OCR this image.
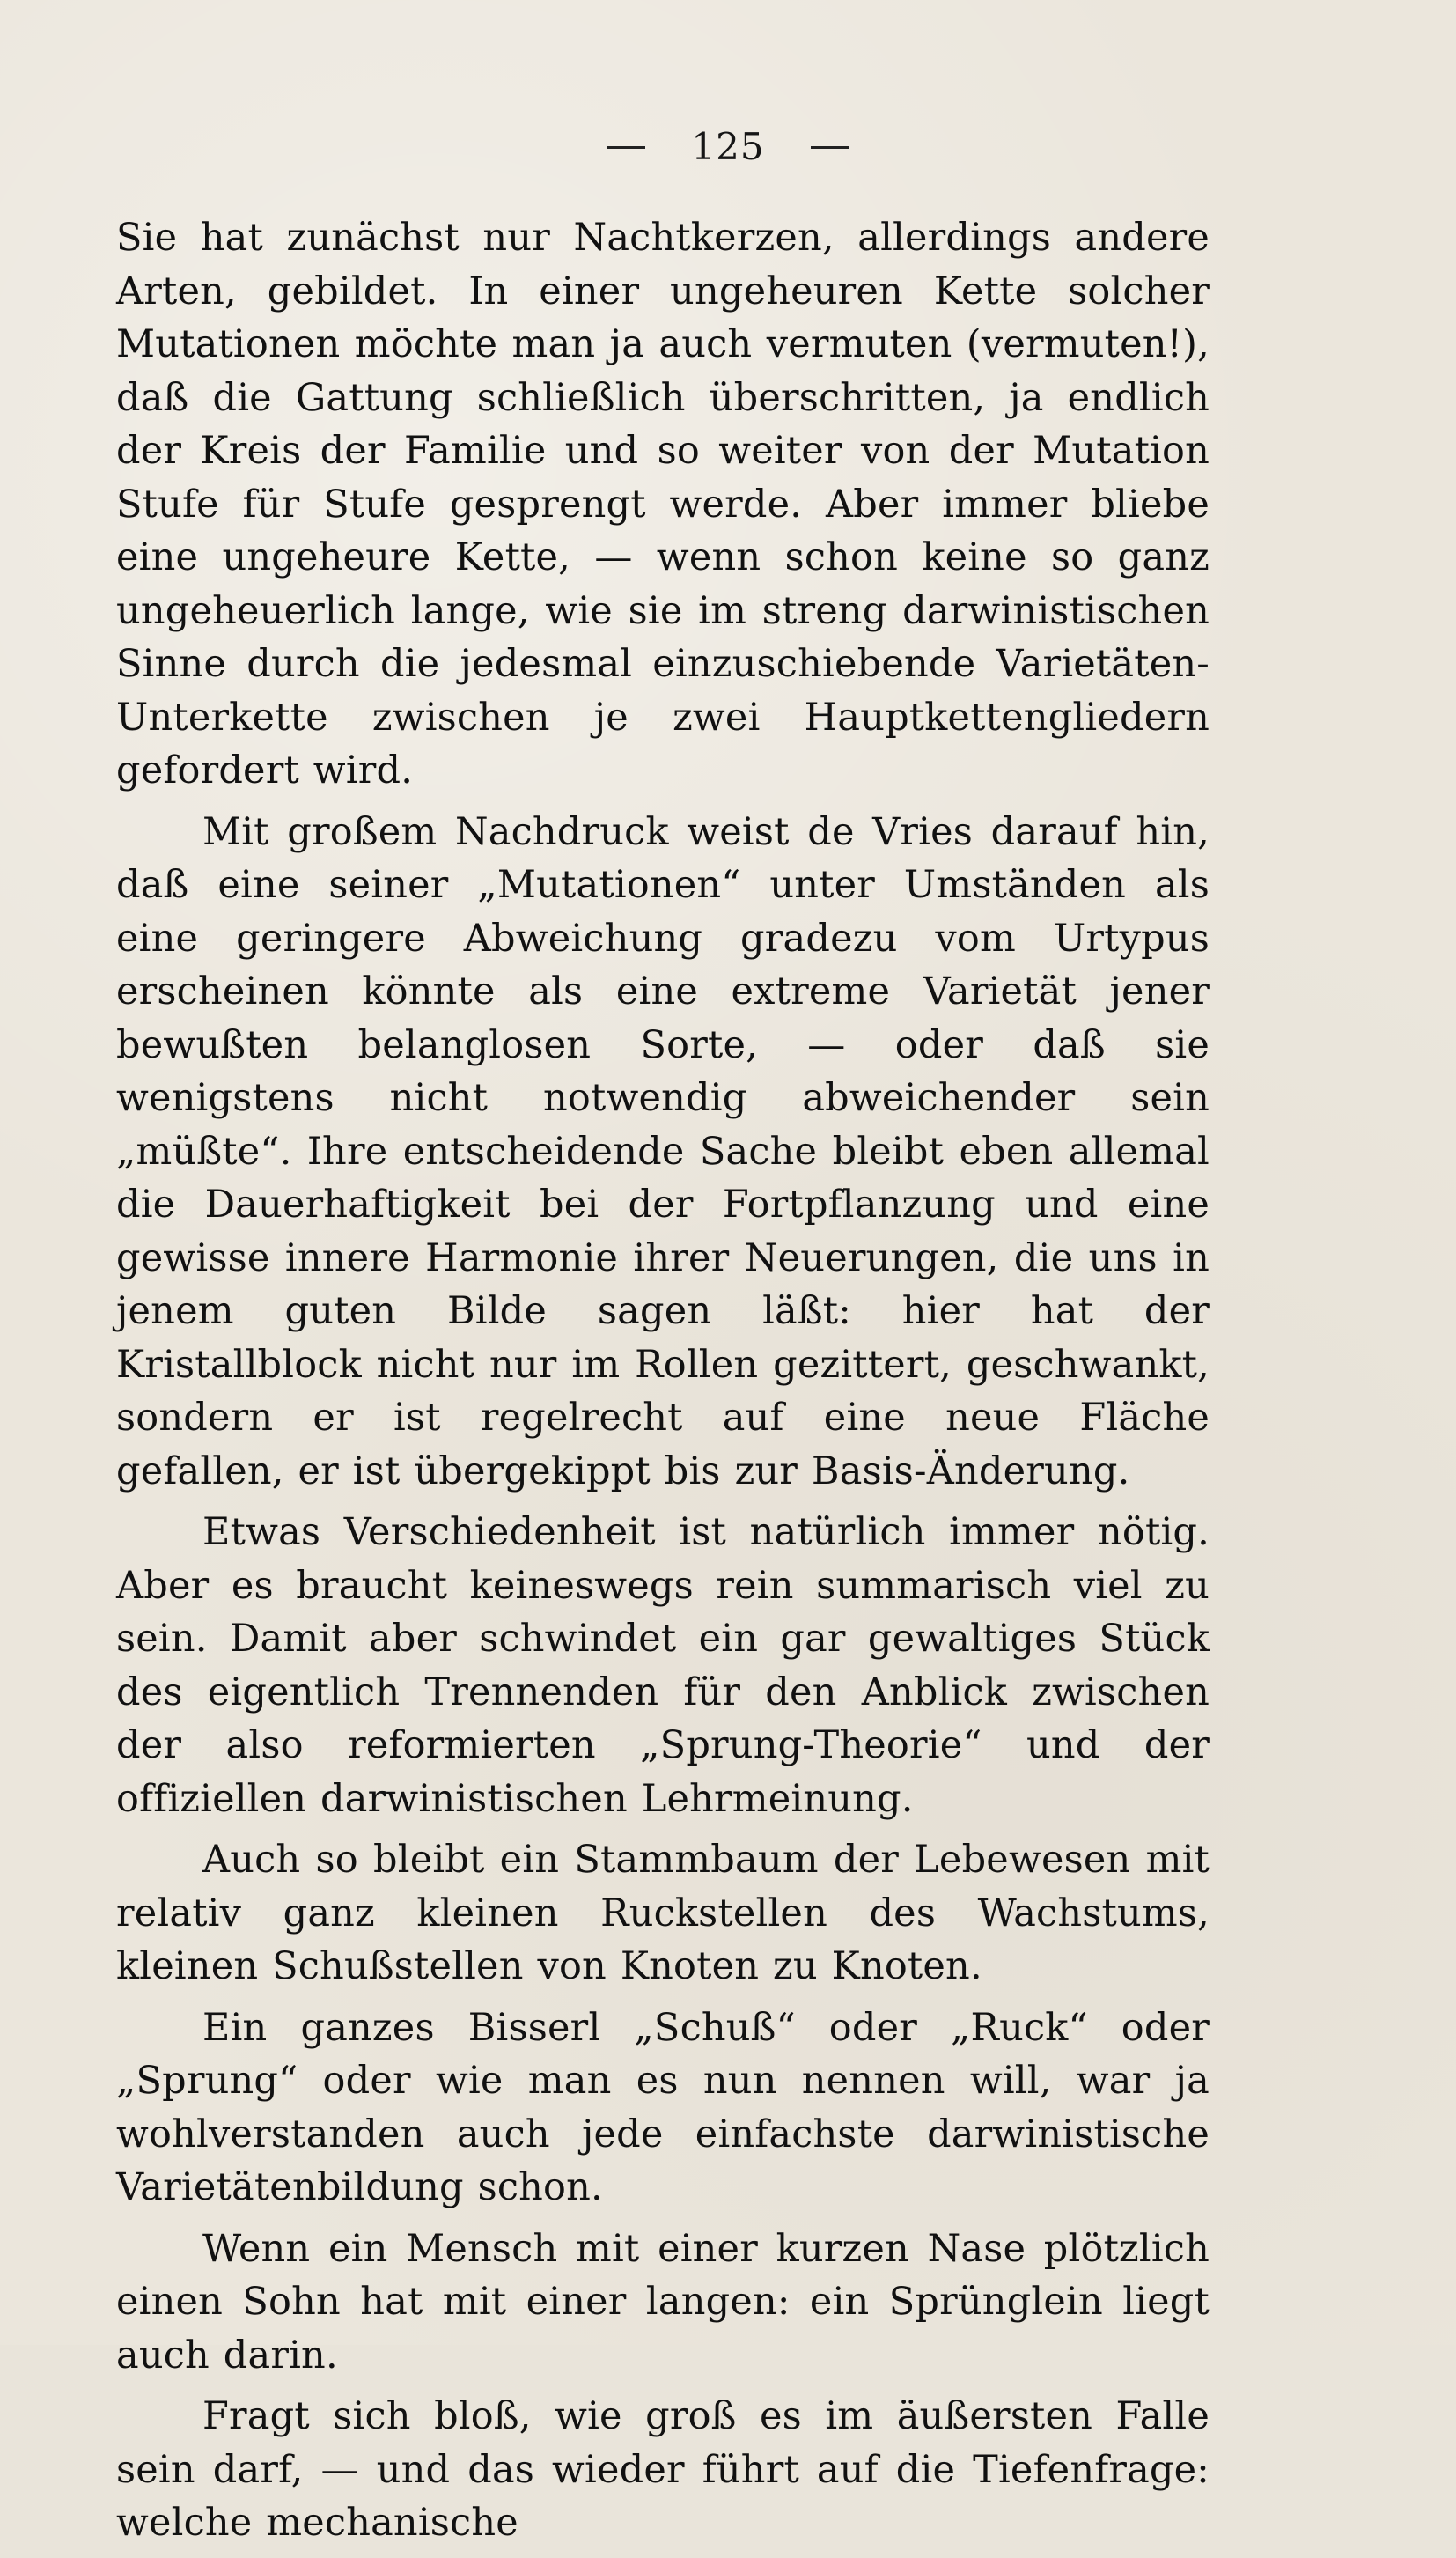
125

Sie hat zunächst nur Nachtkerzen, allerdings andere Arten, gebildet. In einer ungeheuren Kette solcher Mutationen möchte man ja auch vermuten (vermuten!), daß die Gattung schließlich überschritten, ja endlich der Kreis der Familie und so weiter von der Mutation Stufe für Stufe gesprengt werde. Aber immer bliebe eine ungeheure Kette, — wenn schon keine so ganz ungeheuerlich lange, wie sie im streng darwinistischen Sinne durch die jedesmal einzuschiebende Varietäten-Unterkette zwischen je zwei Hauptkettengliedern gefordert wird.

Mit großem Nachdruck weist de Vries darauf hin, daß eine seiner „Mutationen“ unter Umständen als eine geringere Abweichung gradezu vom Urtypus erscheinen könnte als eine extreme Varietät jener bewußten belanglosen Sorte, — oder daß sie wenigstens nicht notwendig abweichender sein „müßte“. Ihre entscheidende Sache bleibt eben allemal die Dauerhaftigkeit bei der Fortpflanzung und eine gewisse innere Harmonie ihrer Neuerungen, die uns in jenem guten Bilde sagen läßt: hier hat der Kristallblock nicht nur im Rollen gezittert, geschwankt, sondern er ist regelrecht auf eine neue Fläche gefallen, er ist übergekippt bis zur Basis-Änderung.

Etwas Verschiedenheit ist natürlich immer nötig. Aber es braucht keineswegs rein summarisch viel zu sein. Damit aber schwindet ein gar gewaltiges Stück des eigentlich Trennenden für den Anblick zwischen der also reformierten „Sprung-Theorie“ und der offiziellen darwinistischen Lehrmeinung.

Auch so bleibt ein Stammbaum der Lebewesen mit relativ ganz kleinen Ruckstellen des Wachstums, kleinen Schußstellen von Knoten zu Knoten.

Ein ganzes Bisserl „Schuß“ oder „Ruck“ oder „Sprung“ oder wie man es nun nennen will, war ja wohlverstanden auch jede einfachste darwinistische Varietätenbildung schon.

Wenn ein Mensch mit einer kurzen Nase plötzlich einen Sohn hat mit einer langen: ein Sprünglein liegt auch darin.

Fragt sich bloß, wie groß es im äußersten Falle sein darf, — und das wieder führt auf die Tiefenfrage: welche mechanische
